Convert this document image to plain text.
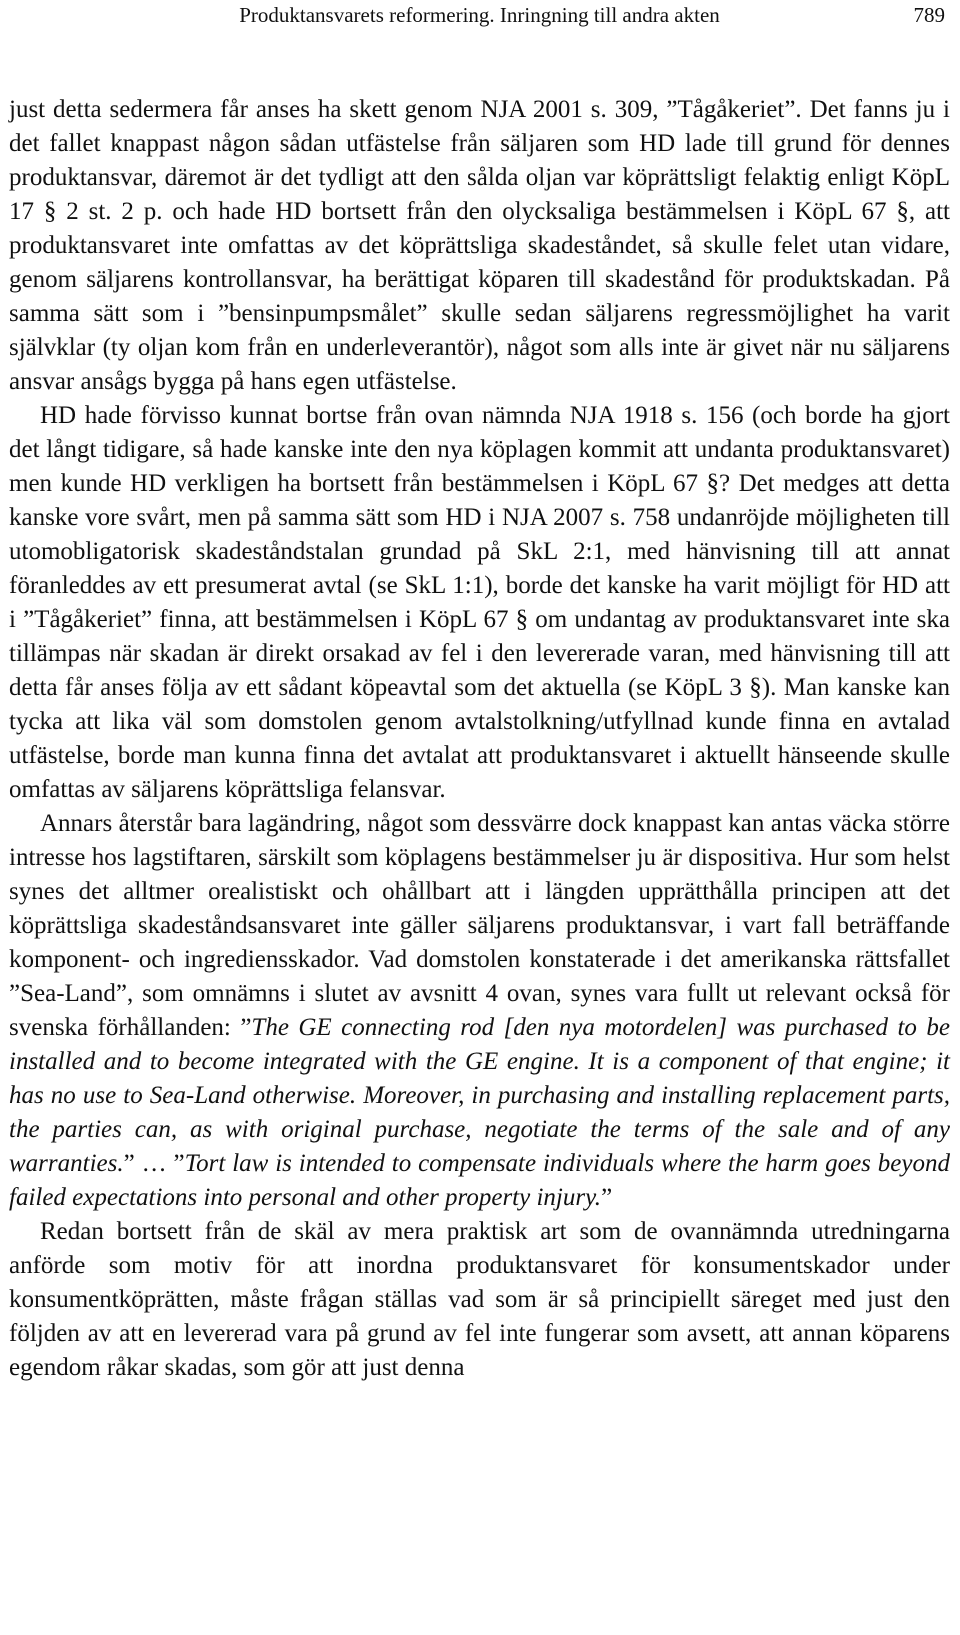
Produktansvarets reformering. Inringning till andra akten	789

just detta sedermera får anses ha skett genom NJA 2001 s. 309, ”Tågåkeriet”. Det fanns ju i det fallet knappast någon sådan utfästelse från säljaren som HD lade till grund för dennes produktansvar, däremot är det tydligt att den sålda oljan var köprättsligt felaktig enligt KöpL 17 § 2 st. 2 p. och hade HD bortsett från den olycksaliga bestämmelsen i KöpL 67 §, att produktansvaret inte omfattas av det köprättsliga skadeståndet, så skulle felet utan vidare, genom säljarens kontrollansvar, ha berättigat köparen till skadestånd för produktskadan. På samma sätt som i ”bensinpumpsmålet” skulle sedan säljarens regressmöjlighet ha varit självklar (ty oljan kom från en underleverantör), något som alls inte är givet när nu säljarens ansvar ansågs bygga på hans egen utfästelse.

HD hade förvisso kunnat bortse från ovan nämnda NJA 1918 s. 156 (och borde ha gjort det långt tidigare, så hade kanske inte den nya köplagen kommit att undanta produktansvaret) men kunde HD verkligen ha bortsett från bestämmelsen i KöpL 67 §? Det medges att detta kanske vore svårt, men på samma sätt som HD i NJA 2007 s. 758 undanröjde möjligheten till utomobligatorisk skadeståndstalan grundad på SkL 2:1, med hänvisning till att annat föranleddes av ett presumerat avtal (se SkL 1:1), borde det kanske ha varit möjligt för HD att i ”Tågåkeriet” finna, att bestämmelsen i KöpL 67 § om undantag av produktansvaret inte ska tillämpas när skadan är direkt orsakad av fel i den levererade varan, med hänvisning till att detta får anses följa av ett sådant köpeavtal som det aktuella (se KöpL 3 §). Man kanske kan tycka att lika väl som domstolen genom avtalstolkning/utfyllnad kunde finna en avtalad utfästelse, borde man kunna finna det avtalat att produktansvaret i aktuellt hänseende skulle omfattas av säljarens köprättsliga felansvar.

Annars återstår bara lagändring, något som dessvärre dock knappast kan antas väcka större intresse hos lagstiftaren, särskilt som köplagens bestämmelser ju är dispositiva. Hur som helst synes det alltmer orealistiskt och ohållbart att i längden upprätthålla principen att det köprättsliga skadeståndsansvaret inte gäller säljarens produktansvar, i vart fall beträffande komponent- och ingrediensskador. Vad domstolen konstaterade i det amerikanska rättsfallet ”Sea-Land”, som omnämns i slutet av avsnitt 4 ovan, synes vara fullt ut relevant också för svenska förhållanden: ”The GE connecting rod [den nya motordelen] was purchased to be installed and to become integrated with the GE engine. It is a component of that engine; it has no use to Sea-Land otherwise. Moreover, in purchasing and installing replacement parts, the parties can, as with original purchase, negotiate the terms of the sale and of any warranties.” … ”Tort law is intended to compensate individuals where the harm goes beyond failed expectations into personal and other property injury.”

Redan bortsett från de skäl av mera praktisk art som de ovannämnda utredningarna anförde som motiv för att inordna produktansvaret för konsumentskador under konsumentköprätten, måste frågan ställas vad som är så principiellt säreget med just den följden av att en levererad vara på grund av fel inte fungerar som avsett, att annan köparens egendom råkar skadas, som gör att just denna
